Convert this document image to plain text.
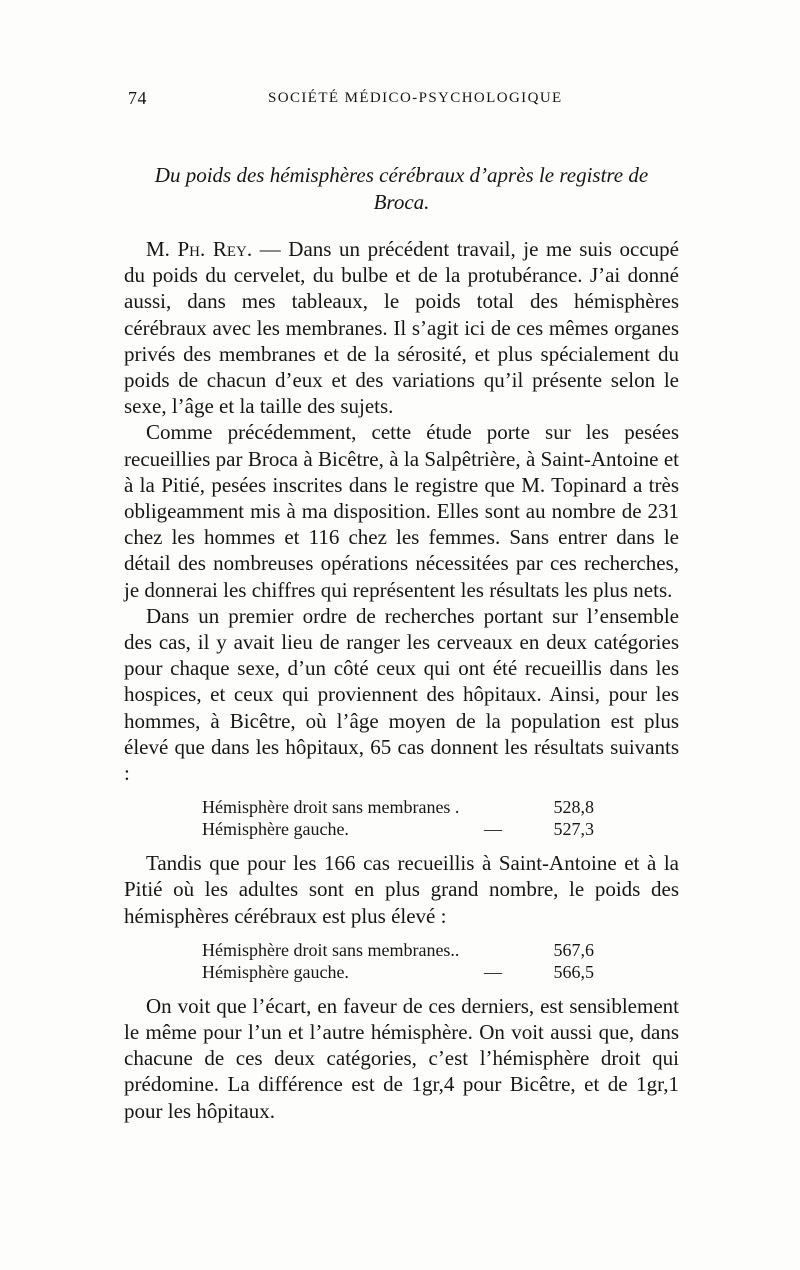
74	SOCIÉTÉ MÉDICO-PSYCHOLOGIQUE
Du poids des hémisphères cérébraux d’après le registre de
Broca.

M. Ph. Rey. — Dans un précédent travail, je me suis occupé du poids du cervelet, du bulbe et de la protubérance. J’ai donné aussi, dans mes tableaux, le poids total des hémisphères cérébraux avec les membranes. Il s’agit ici de ces mêmes organes privés des membranes et de la sérosité, et plus spécialement du poids de chacun d’eux et des variations qu’il présente selon le sexe, l’âge et la taille des sujets.

Comme précédemment, cette étude porte sur les pesées recueillies par Broca à Bicêtre, à la Salpêtrière, à Saint-Antoine et à la Pitié, pesées inscrites dans le registre que M. Topinard a très obligeamment mis à ma disposition. Elles sont au nombre de 231 chez les hommes et 116 chez les femmes. Sans entrer dans le détail des nombreuses opérations nécessitées par ces recherches, je donnerai les chiffres qui représentent les résultats les plus nets.

Dans un premier ordre de recherches portant sur l’ensemble des cas, il y avait lieu de ranger les cerveaux en deux catégories pour chaque sexe, d’un côté ceux qui ont été recueillis dans les hospices, et ceux qui proviennent des hôpitaux. Ainsi, pour les hommes, à Bicêtre, où l’âge moyen de la population est plus élevé que dans les hôpitaux, 65 cas donnent les résultats suivants :

Hémisphère droit sans membranes .	528,8
Hémisphère gauche.	—	527,3

Tandis que pour les 166 cas recueillis à Saint-Antoine et à la Pitié où les adultes sont en plus grand nombre, le poids des hémisphères cérébraux est plus élevé :

Hémisphère droit sans membranes..	567,6
Hémisphère gauche.	—	566,5

On voit que l’écart, en faveur de ces derniers, est sensiblement le même pour l’un et l’autre hémisphère. On voit aussi que, dans chacune de ces deux catégories, c’est l’hémisphère droit qui prédomine. La différence est de 1gr,4 pour Bicêtre, et de 1gr,1 pour les hôpitaux.
